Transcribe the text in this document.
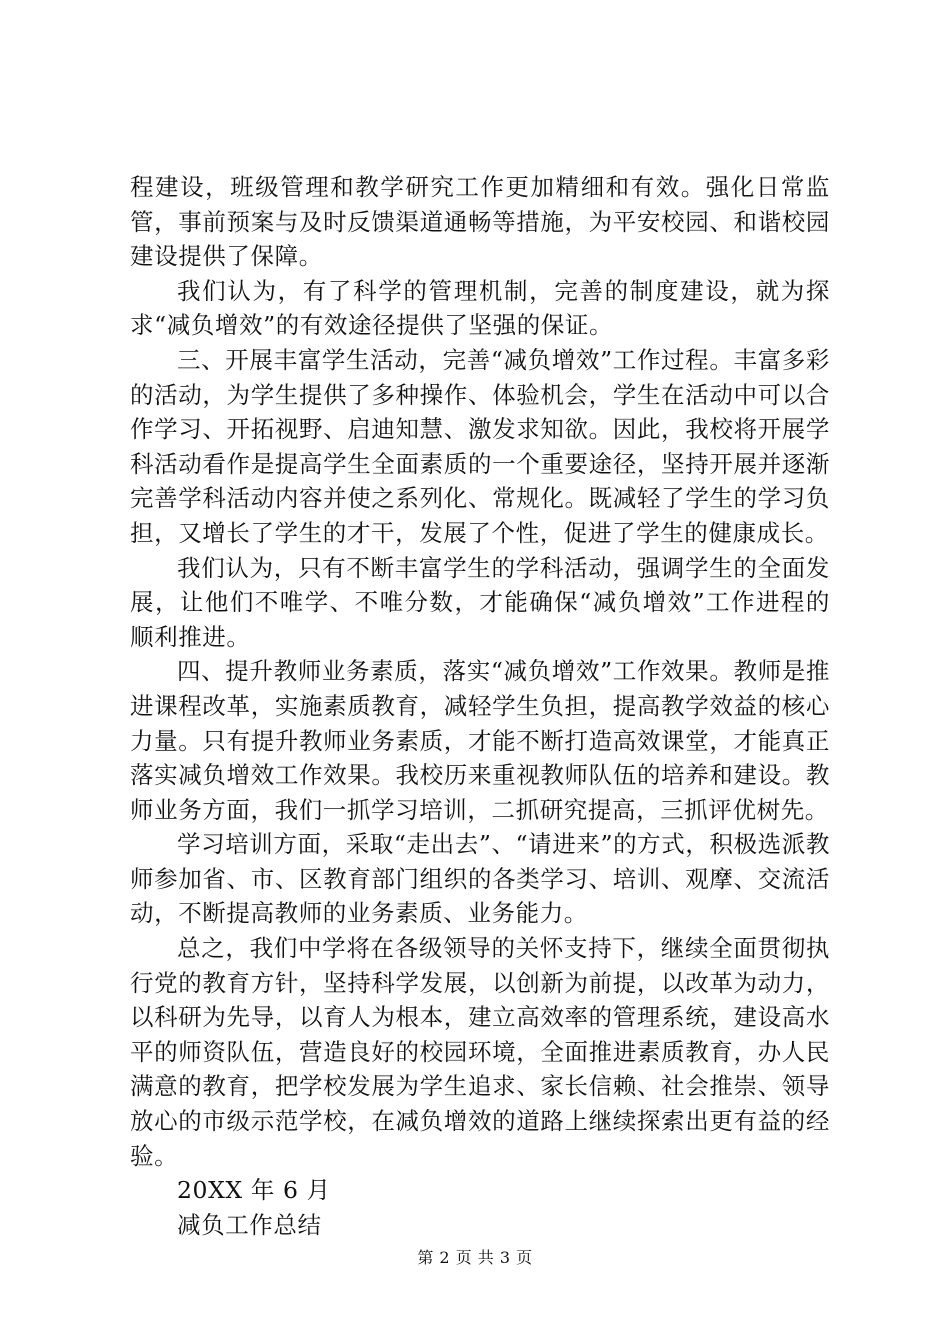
程建设，班级管理和教学研究工作更加精细和有效。强化日常监管，事前预案与及时反馈渠道通畅等措施，为平安校园、和谐校园建设提供了保障。

我们认为，有了科学的管理机制，完善的制度建设，就为探求“减负增效”的有效途径提供了坚强的保证。

三、开展丰富学生活动，完善“减负增效”工作过程。丰富多彩的活动，为学生提供了多种操作、体验机会，学生在活动中可以合作学习、开拓视野、启迪知慧、激发求知欲。因此，我校将开展学科活动看作是提高学生全面素质的一个重要途径，坚持开展并逐渐完善学科活动内容并使之系列化、常规化。既减轻了学生的学习负担，又增长了学生的才干，发展了个性，促进了学生的健康成长。

我们认为，只有不断丰富学生的学科活动，强调学生的全面发展，让他们不唯学、不唯分数，才能确保“减负增效”工作进程的顺利推进。

四、提升教师业务素质，落实“减负增效”工作效果。教师是推进课程改革，实施素质教育，减轻学生负担，提高教学效益的核心力量。只有提升教师业务素质，才能不断打造高效课堂，才能真正落实减负增效工作效果。我校历来重视教师队伍的培养和建设。教师业务方面，我们一抓学习培训，二抓研究提高，三抓评优树先。

学习培训方面，采取“走出去”、“请进来”的方式，积极选派教师参加省、市、区教育部门组织的各类学习、培训、观摩、交流活动，不断提高教师的业务素质、业务能力。

总之，我们中学将在各级领导的关怀支持下，继续全面贯彻执行党的教育方针，坚持科学发展，以创新为前提，以改革为动力，以科研为先导，以育人为根本，建立高效率的管理系统，建设高水平的师资队伍，营造良好的校园环境，全面推进素质教育，办人民满意的教育，把学校发展为学生追求、家长信赖、社会推崇、领导放心的市级示范学校，在减负增效的道路上继续探索出更有益的经验。

20XX 年 6 月

减负工作总结

第 2 页 共 3 页
